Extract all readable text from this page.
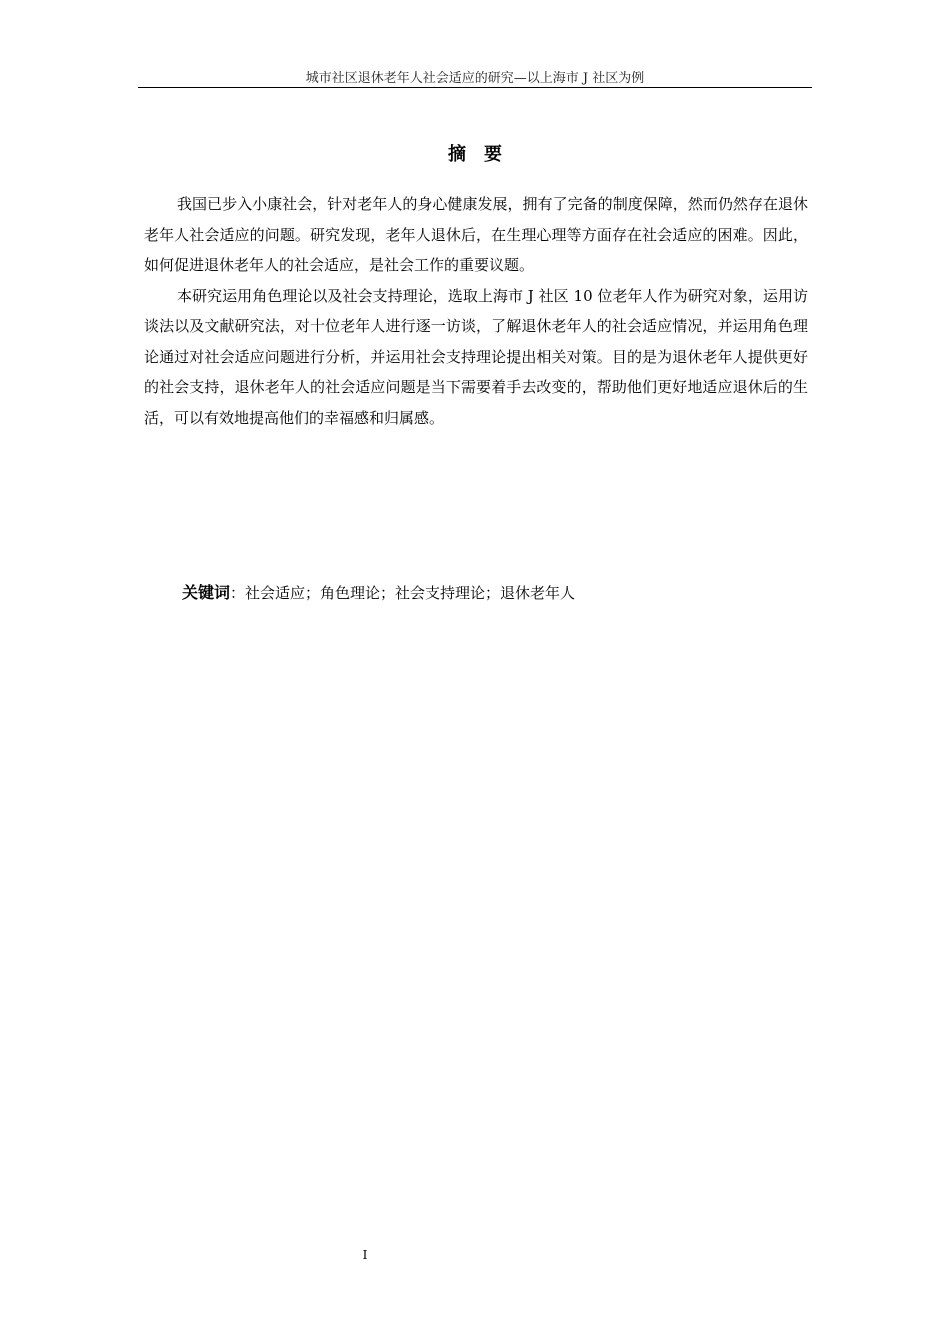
城市社区退休老年人社会适应的研究—以上海市 J 社区为例
摘 要

我国已步入小康社会，针对老年人的身心健康发展，拥有了完备的制度保障，然而仍然存在退休老年人社会适应的问题。研究发现，老年人退休后，在生理心理等方面存在社会适应的困难。因此，如何促进退休老年人的社会适应，是社会工作的重要议题。

本研究运用角色理论以及社会支持理论，选取上海市 J 社区 10 位老年人作为研究对象，运用访谈法以及文献研究法，对十位老年人进行逐一访谈，了解退休老年人的社会适应情况，并运用角色理论通过对社会适应问题进行分析，并运用社会支持理论提出相关对策。目的是为退休老年人提供更好的社会支持，退休老年人的社会适应问题是当下需要着手去改变的，帮助他们更好地适应退休后的生活，可以有效地提高他们的幸福感和归属感。

关键词：社会适应；角色理论；社会支持理论；退休老年人
I
